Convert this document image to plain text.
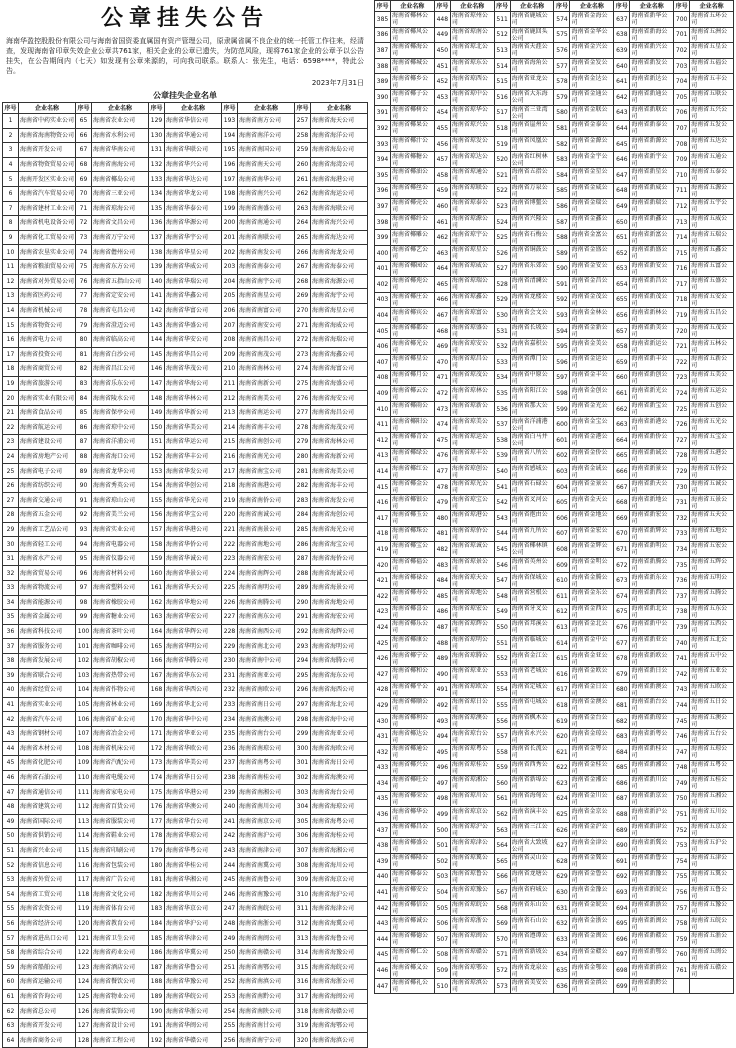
公章挂失公告
海南华盈控股股份有限公司与海南省国资委直属国有资产管理公司，原隶属省属不良企业的统一托管工作往来，经清查，发现海南省印章失效企业公章共761家，相关企业的公章已遗失，为防范风险，现将761家企业的公章予以公告挂失，在公告期间内（七天）如发现有公章来源的，可向我司联系。联系人：张先生，电话：6598****，特此公告。
2023年7月31日
公章挂失企业名单
序号	企业名称	序号	企业名称	序号	企业名称	序号	企业名称	序号	企业名称
1	海南省中药实业公司	65	海南省农业公司	129	海南省华信公司	193	海南省南方公司	257	海南省海天公司
2	海南省海南物资公司	66	海南省水利公司	130	海南省华通公司	194	海南省南洋公司	258	海南省海洋公司
3	海南省开发公司	67	海南省华南公司	131	海南省华联公司	195	海南省南国公司	259	海南省海岛公司
4	海南省物资贸易公司	68	海南省南海公司	132	海南省华兴公司	196	海南省南天公司	260	海南省海湾公司
5	海南开发区实业公司	69	海南省椰岛公司	133	海南省华达公司	197	海南省南华公司	261	海南省海港公司
6	海南省汽车贸易公司	70	海南省三亚公司	134	海南省华龙公司	198	海南省南兴公司	262	海南省海运公司
7	海南省建材工业公司	71	海南省琼海公司	135	海南省华泰公司	199	海南省南盛公司	263	海南省海联公司
8	海南省机电设备公司	72	海南省文昌公司	136	海南省华源公司	200	海南省南通公司	264	海南省海兴公司
9	海南省化工贸易公司	73	海南省万宁公司	137	海南省华宇公司	201	海南省南联公司	265	海南省海达公司
10	海南省农垦实业公司	74	海南省儋州公司	138	海南省华星公司	202	海南省南发公司	266	海南省海龙公司
11	海南省粮油贸易公司	75	海南省东方公司	139	海南省华威公司	203	海南省南泰公司	267	海南省海泰公司
12	海南省对外贸易公司	76	海南省五指山公司	140	海南省华瑞公司	204	海南省南宇公司	268	海南省海源公司
13	海南省医药公司	77	海南省定安公司	141	海南省华鑫公司	205	海南省南星公司	269	海南省海宇公司
14	海南省机械公司	78	海南省屯昌公司	142	海南省华富公司	206	海南省南富公司	270	海南省海星公司
15	海南省物资公司	79	海南省澄迈公司	143	海南省华盛公司	207	海南省南安公司	271	海南省海威公司
16	海南省电力公司	80	海南省临高公司	144	海南省华安公司	208	海南省南昌公司	272	海南省海瑞公司
17	海南省投资公司	81	海南省白沙公司	145	海南省华昌公司	209	海南省南茂公司	273	海南省海鑫公司
18	海南省商贸公司	82	海南省昌江公司	146	海南省华茂公司	210	海南省南林公司	274	海南省海富公司
19	海南省旅游公司	83	海南省乐东公司	147	海南省华海公司	211	海南省南新公司	275	海南省海盛公司
20	海南省实业有限公司	84	海南省陵水公司	148	海南省华林公司	212	海南省南美公司	276	海南省海安公司
21	海南省食品公司	85	海南省保亭公司	149	海南省华新公司	213	海南省南运公司	277	海南省海昌公司
22	海南省航运公司	86	海南省琼中公司	150	海南省华美公司	214	海南省南丰公司	278	海南省海茂公司
23	海南省建设公司	87	海南省洋浦公司	151	海南省华运公司	215	海南省南创公司	279	海南省海林公司
24	海南省房地产公司	88	海南省海口公司	152	海南省华丰公司	216	海南省南光公司	280	海南省海新公司
25	海南省电子公司	89	海南省龙华公司	153	海南省华发公司	217	海南省南宝公司	281	海南省海美公司
26	海南省纺织公司	90	海南省秀英公司	154	海南省华创公司	218	海南省南港公司	282	海南省海丰公司
27	海南省交通公司	91	海南省琼山公司	155	海南省华光公司	219	海南省南侨公司	283	海南省海发公司
28	海南省五金公司	92	海南省美兰公司	156	海南省华宝公司	220	海南省南诚公司	284	海南省海创公司
29	海南省工艺品公司	93	海南省实业公司	157	海南省华港公司	221	海南省南景公司	285	海南省海光公司
30	海南省轻工公司	94	海南省电器公司	158	海南省华侨公司	222	海南省南地公司	286	海南省海宝公司
31	海南省水产公司	95	海南省仪器公司	159	海南省华诚公司	223	海南省南宏公司	287	海南省海侨公司
32	海南省贸易公司	96	海南省材料公司	160	海南省华景公司	224	海南省南辉公司	288	海南省海诚公司
33	海南省物流公司	97	海南省塑料公司	161	海南省华天公司	225	海南省南明公司	289	海南省海景公司
34	海南省能源公司	98	海南省橡胶公司	162	海南省华地公司	226	海南省南腾公司	290	海南省海地公司
35	海南省金属公司	99	海南省糖业公司	163	海南省华宏公司	227	海南省南东公司	291	海南省海宏公司
36	海南省科技公司	100	海南省茶叶公司	164	海南省华辉公司	228	海南省南西公司	292	海南省海辉公司
37	海南省服务公司	101	海南省咖啡公司	165	海南省华明公司	229	海南省南北公司	293	海南省海明公司
38	海南省发展公司	102	海南省胡椒公司	166	海南省华腾公司	230	海南省南中公司	294	海南省海腾公司
39	海南省联合公司	103	海南省热带公司	167	海南省华东公司	231	海南省南亚公司	295	海南省海东公司
40	海南省经贸公司	104	海南省作物公司	168	海南省华西公司	232	海南省南欧公司	296	海南省海西公司
41	海南省实业公司	105	海南省林业公司	169	海南省华北公司	233	海南省南日公司	297	海南省海北公司
42	海南省汽车公司	106	海南省矿业公司	170	海南省华中公司	234	海南省南澳公司	298	海南省海中公司
43	海南省钢材公司	107	海南省冶金公司	171	海南省华亚公司	235	海南省南台公司	299	海南省海亚公司
44	海南省木材公司	108	海南省机床公司	172	海南省华欧公司	236	海南省南琼公司	300	海南省海欧公司
45	海南省化肥公司	109	海南省汽配公司	173	海南省华美公司	237	海南省南粤公司	301	海南省海日公司
46	海南省石油公司	110	海南省电缆公司	174	海南省华日公司	238	海南省南桂公司	302	海南省海澳公司
47	海南省通信公司	111	海南省家电公司	175	海南省华港公司	239	海南省南湘公司	303	海南省海台公司
48	海南省建筑公司	112	海南省百货公司	176	海南省华澳公司	240	海南省南川公司	304	海南省海琼公司
49	海南省国际公司	113	海南省服装公司	177	海南省华台公司	241	海南省南京公司	305	海南省海粤公司
50	海南省供销公司	114	海南省鞋业公司	178	海南省华琼公司	242	海南省南沪公司	306	海南省海桂公司
51	海南省兴业公司	115	海南省印刷公司	179	海南省华粤公司	243	海南省南津公司	307	海南省海湘公司
52	海南省信息公司	116	海南省包装公司	180	海南省华桂公司	244	海南省南冀公司	308	海南省海川公司
53	海南省外贸公司	117	海南省广告公司	181	海南省华湘公司	245	海南省南鲁公司	309	海南省海京公司
54	海南省工贸公司	118	海南省文化公司	182	海南省华川公司	246	海南省南豫公司	310	海南省海沪公司
55	海南省农资公司	119	海南省体育公司	183	海南省华京公司	247	海南省南皖公司	311	海南省海津公司
56	海南省经济公司	120	海南省教育公司	184	海南省华沪公司	248	海南省南浙公司	312	海南省海冀公司
57	海南省进出口公司	121	海南省卫生公司	185	海南省华津公司	249	海南省南闽公司	313	海南省海鲁公司
58	海南省综合公司	122	海南省药业公司	186	海南省华冀公司	250	海南省南赣公司	314	海南省海豫公司
59	海南省船舶公司	123	海南省酒店公司	187	海南省华鲁公司	251	海南省南鄂公司	315	海南省海皖公司
60	海南省运输公司	124	海南省餐饮公司	188	海南省华豫公司	252	海南省南滇公司	316	海南省海浙公司
61	海南省咨询公司	125	海南省物业公司	189	海南省华皖公司	253	海南省南黔公司	317	海南省海闽公司
62	海南省总公司	126	海南省装饰公司	190	海南省华浙公司	254	海南省南陕公司	318	海南省海赣公司
63	海南省开发公司	127	海南省设计公司	191	海南省华闽公司	255	海南省南甘公司	319	海南省海鄂公司
64	海南省商务公司	128	海南省工程公司	192	海南省华赣公司	256	海南省南宁公司	320	海南省海滇公司
序号	企业名称	序号	企业名称	序号	企业名称	序号	企业名称	序号	企业名称	序号	企业名称
385	海南省椰林公司	448	海南省琼州公司	511	海南省鹿城公司	574	海南省金海公司	637	海南省新华公司	700	海南省五环公司
386	海南省椰风公司	449	海南省琼南公司	512	海南省鹿回头公司	575	海南省金华公司	638	海南省新海公司	701	海南省五洲公司
387	海南省椰海公司	450	海南省琼北公司	513	海南省天涯公司	576	海南省金兴公司	639	海南省新兴公司	702	海南省五星公司
388	海南省椰城公司	451	海南省琼东公司	514	海南省海角公司	577	海南省金发公司	640	海南省新发公司	703	海南省五福公司
389	海南省椰乡公司	452	海南省琼西公司	515	海南省亚龙公司	578	海南省金达公司	641	海南省新达公司	704	海南省五丰公司
390	海南省椰子公司	453	海南省琼中公司	516	海南省大东海公司	579	海南省金通公司	642	海南省新通公司	705	海南省五联公司
391	海南省椰树公司	454	海南省琼华公司	517	海南省三亚湾公司	580	海南省金联公司	643	海南省新联公司	706	海南省五兴公司
392	海南省椰果公司	455	海南省琼兴公司	518	海南省崖州公司	581	海南省金泰公司	644	海南省新泰公司	707	海南省五发公司
393	海南省椰汁公司	456	海南省琼发公司	519	海南省凤凰公司	582	海南省金源公司	645	海南省新源公司	708	海南省五达公司
394	海南省椰糖公司	457	海南省琼达公司	520	海南省红树林公司	583	海南省金宇公司	646	海南省新宇公司	709	海南省五通公司
395	海南省椰油公司	458	海南省琼通公司	521	海南省五指公司	584	海南省金星公司	647	海南省新星公司	710	海南省五泰公司
396	海南省椰丝公司	459	海南省琼联公司	522	海南省万泉公司	585	海南省金威公司	648	海南省新威公司	711	海南省五源公司
397	海南省椰壳公司	460	海南省琼泰公司	523	海南省博鳌公司	586	海南省金瑞公司	649	海南省新瑞公司	712	海南省五宇公司
398	海南省椰纤公司	461	海南省琼源公司	524	海南省兴隆公司	587	海南省金鑫公司	650	海南省新鑫公司	713	海南省五威公司
399	海南省椰雕公司	462	海南省琼宇公司	525	海南省石梅公司	588	海南省金富公司	651	海南省新富公司	714	海南省五瑞公司
400	海南省椰艺公司	463	海南省琼星公司	526	海南省铜鼓公司	589	海南省金盛公司	652	海南省新盛公司	715	海南省五鑫公司
401	海南省椰园公司	464	海南省琼威公司	527	海南省东郊公司	590	海南省金安公司	653	海南省新安公司	716	海南省五富公司
402	海南省椰苑公司	465	海南省琼瑞公司	528	海南省清澜公司	591	海南省金昌公司	654	海南省新昌公司	717	海南省五盛公司
403	海南省椰庄公司	466	海南省琼鑫公司	529	海南省龙楼公司	592	海南省金茂公司	655	海南省新茂公司	718	海南省五安公司
404	海南省椰宾公司	467	海南省琼富公司	530	海南省会文公司	593	海南省金林公司	656	海南省新林公司	719	海南省五昌公司
405	海南省椰都公司	468	海南省琼盛公司	531	海南省长坡公司	594	海南省金新公司	657	海南省新美公司	720	海南省五茂公司
406	海南省椰光公司	469	海南省琼安公司	532	海南省嘉积公司	595	海南省金美公司	658	海南省新运公司	721	海南省五林公司
407	海南省椰星公司	470	海南省琼昌公司	533	海南省潭门公司	596	海南省金运公司	659	海南省新丰公司	722	海南省五新公司
408	海南省椰月公司	471	海南省琼茂公司	534	海南省中原公司	597	海南省金丰公司	660	海南省新创公司	723	海南省五美公司
409	海南省椰云公司	472	海南省琼林公司	535	海南省阳江公司	598	海南省金创公司	661	海南省新光公司	724	海南省五运公司
410	海南省椰雨公司	473	海南省琼新公司	536	海南省那大公司	599	海南省金光公司	662	海南省新宝公司	725	海南省五创公司
411	海南省椰阳公司	474	海南省琼美公司	537	海南省洋浦港公司	600	海南省金宝公司	663	海南省新港公司	726	海南省五光公司
412	海南省椰青公司	475	海南省琼运公司	538	海南省白马井公司	601	海南省金港公司	664	海南省新侨公司	727	海南省五宝公司
413	海南省椰绿公司	476	海南省琼丰公司	539	海南省八所公司	602	海南省金侨公司	665	海南省新诚公司	728	海南省五港公司
414	海南省椰红公司	477	海南省琼创公司	540	海南省感城公司	603	海南省金诚公司	666	海南省新景公司	729	海南省五侨公司
415	海南省椰金公司	478	海南省琼光公司	541	海南省石碌公司	604	海南省金景公司	667	海南省新天公司	730	海南省五诚公司
416	海南省椰银公司	479	海南省琼宝公司	542	海南省叉河公司	605	海南省金天公司	668	海南省新地公司	731	海南省五景公司
417	海南省椰玉公司	480	海南省琼港公司	543	海南省抱由公司	606	海南省金地公司	669	海南省新宏公司	732	海南省五天公司
418	海南省椰珠公司	481	海南省琼侨公司	544	海南省九所公司	607	海南省金宏公司	670	海南省新辉公司	733	海南省五地公司
419	海南省椰宝公司	482	海南省琼诚公司	545	海南省椰林镇公司	608	海南省金辉公司	671	海南省新明公司	734	海南省五宏公司
420	海南省椰福公司	483	海南省琼景公司	546	海南省英州公司	609	海南省金明公司	672	海南省新腾公司	735	海南省五辉公司
421	海南省椰禄公司	484	海南省琼天公司	547	海南省保城公司	610	海南省金腾公司	673	海南省新东公司	736	海南省五明公司
422	海南省椰寿公司	485	海南省琼地公司	548	海南省营根公司	611	海南省金东公司	674	海南省新西公司	737	海南省五腾公司
423	海南省椰喜公司	486	海南省琼宏公司	549	海南省牙叉公司	612	海南省金西公司	675	海南省新北公司	738	海南省五东公司
424	海南省椰乐公司	487	海南省琼辉公司	550	海南省邦溪公司	613	海南省金北公司	676	海南省新中公司	739	海南省五西公司
425	海南省椰康公司	488	海南省琼明公司	551	海南省临城公司	614	海南省金中公司	677	海南省新亚公司	740	海南省五北公司
426	海南省椰宁公司	489	海南省琼腾公司	552	海南省金江公司	615	海南省金亚公司	678	海南省新欧公司	741	海南省五中公司
427	海南省椰和公司	490	海南省琼亚公司	553	海南省老城公司	616	海南省金欧公司	679	海南省新日公司	742	海南省五亚公司
428	海南省椰平公司	491	海南省琼欧公司	554	海南省定城公司	617	海南省金日公司	680	海南省新澳公司	743	海南省五欧公司
429	海南省椰顺公司	492	海南省琼日公司	555	海南省屯城公司	618	海南省金澳公司	681	海南省新台公司	744	海南省五日公司
430	海南省椰利公司	493	海南省琼澳公司	556	海南省枫木公司	619	海南省金台公司	682	海南省新琼公司	745	海南省五澳公司
431	海南省椰达公司	494	海南省琼台公司	557	海南省永兴公司	620	海南省金琼公司	683	海南省新粤公司	746	海南省五台公司
432	海南省椰通公司	495	海南省琼粤公司	558	海南省长流公司	621	海南省金粤公司	684	海南省新桂公司	747	海南省五琼公司
433	海南省椰兴公司	496	海南省琼桂公司	559	海南省西秀公司	622	海南省金桂公司	685	海南省新湘公司	748	海南省五粤公司
434	海南省椰旺公司	497	海南省琼湘公司	560	海南省新埠公司	623	海南省金湘公司	686	海南省新川公司	749	海南省五桂公司
435	海南省椰荣公司	498	海南省琼川公司	561	海南省海甸公司	624	海南省金川公司	687	海南省新京公司	750	海南省五湘公司
436	海南省椰华公司	499	海南省琼京公司	562	海南省演丰公司	625	海南省金京公司	688	海南省新沪公司	751	海南省五川公司
437	海南省椰昌公司	500	海南省琼沪公司	563	海南省三江公司	626	海南省金沪公司	689	海南省新津公司	752	海南省五京公司
438	海南省椰盛公司	501	海南省琼津公司	564	海南省大致坡公司	627	海南省金津公司	690	海南省新冀公司	753	海南省五沪公司
439	海南省椰隆公司	502	海南省琼冀公司	565	海南省灵山公司	628	海南省金冀公司	691	海南省新鲁公司	754	海南省五津公司
440	海南省椰泰公司	503	海南省琼鲁公司	566	海南省龙塘公司	629	海南省金鲁公司	692	海南省新豫公司	755	海南省五冀公司
441	海南省椰安公司	504	海南省琼豫公司	567	海南省府城公司	630	海南省金豫公司	693	海南省新皖公司	756	海南省五鲁公司
442	海南省椰信公司	505	海南省琼皖公司	568	海南省东山公司	631	海南省金皖公司	694	海南省新浙公司	757	海南省五豫公司
443	海南省椰诚公司	506	海南省琼浙公司	569	海南省石山公司	632	海南省金浙公司	695	海南省新闽公司	758	海南省五皖公司
444	海南省椰德公司	507	海南省琼闽公司	570	海南省遵谭公司	633	海南省金闽公司	696	海南省新赣公司	759	海南省五浙公司
445	海南省椰仁公司	508	海南省琼赣公司	571	海南省新坡公司	634	海南省金赣公司	697	海南省新鄂公司	760	海南省五闽公司
446	海南省椰义公司	509	海南省琼鄂公司	572	海南省龙泉公司	635	海南省金鄂公司	698	海南省新滇公司	761	海南省五赣公司
447	海南省椰礼公司	510	海南省琼滇公司	573	海南省美安公司	636	海南省金滇公司	699	海南省新黔公司		
